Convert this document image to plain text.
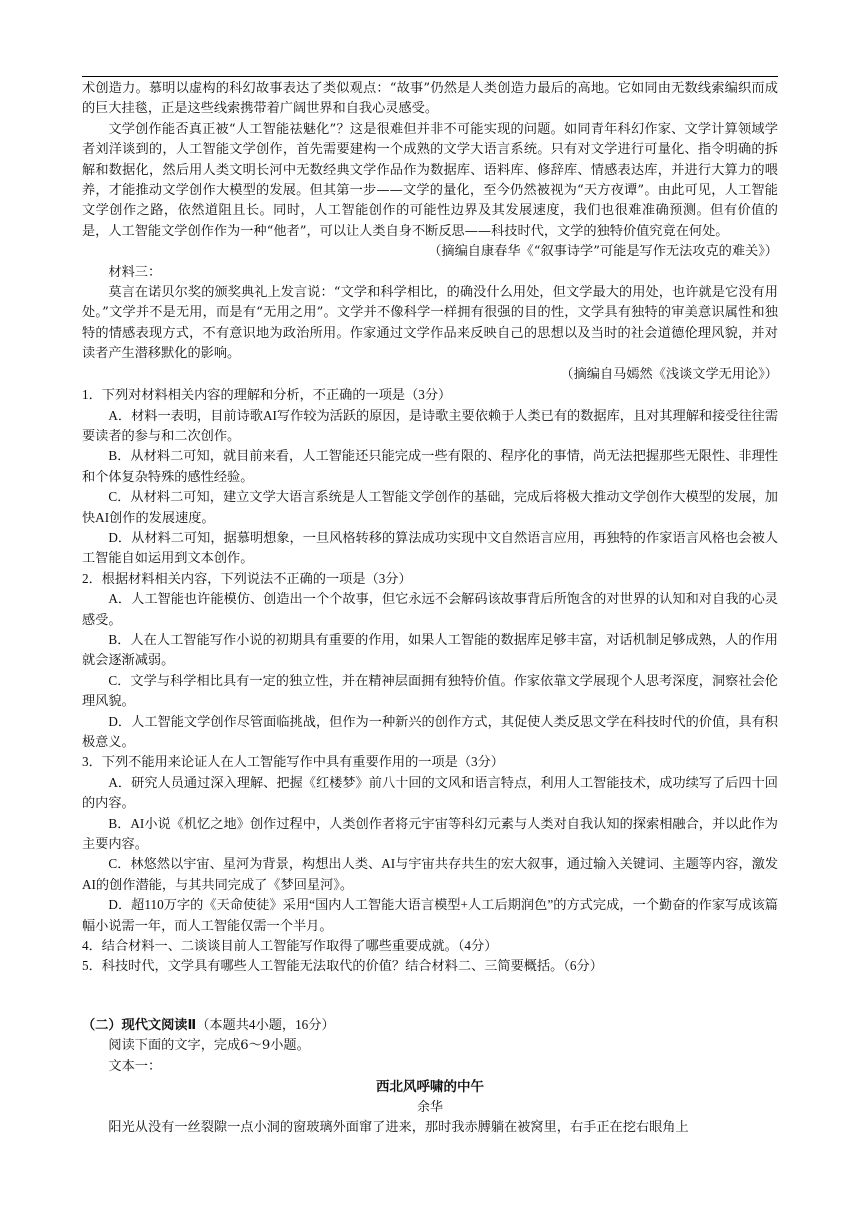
术创造力。慕明以虚构的科幻故事表达了类似观点：“故事”仍然是人类创造力最后的高地。它如同由无数线索编织而成的巨大挂毯，正是这些线索携带着广阔世界和自我心灵感受。

文学创作能否真正被“人工智能祛魅化”？这是很难但并非不可能实现的问题。如同青年科幻作家、文学计算领域学者刘洋谈到的，人工智能文学创作，首先需要建构一个成熟的文学大语言系统。只有对文学进行可量化、指令明确的拆解和数据化，然后用人类文明长河中无数经典文学作品作为数据库、语料库、修辞库、情感表达库，并进行大算力的喂养，才能推动文学创作大模型的发展。但其第一步——文学的量化，至今仍然被视为“天方夜谭”。由此可见，人工智能文学创作之路，依然道阻且长。同时，人工智能创作的可能性边界及其发展速度，我们也很难准确预测。但有价值的是，人工智能文学创作作为一种“他者”，可以让人类自身不断反思——科技时代，文学的独特价值究竟在何处。

（摘编自康春华《“叙事诗学”可能是写作无法攻克的难关》）

材料三：

莫言在诺贝尔奖的颁奖典礼上发言说：“文学和科学相比，的确没什么用处，但文学最大的用处，也许就是它没有用处。”文学并不是无用，而是有“无用之用”。文学并不像科学一样拥有很强的目的性，文学具有独特的审美意识属性和独特的情感表现方式，不有意识地为政治所用。作家通过文学作品来反映自己的思想以及当时的社会道德伦理风貌，并对读者产生潜移默化的影响。

（摘编自马嫣然《浅谈文学无用论》）

1．下列对材料相关内容的理解和分析，不正确的一项是（3分）

A．材料一表明，目前诗歌AI写作较为活跃的原因，是诗歌主要依赖于人类已有的数据库，且对其理解和接受往往需要读者的参与和二次创作。

B．从材料二可知，就目前来看，人工智能还只能完成一些有限的、程序化的事情，尚无法把握那些无限性、非理性和个体复杂特殊的感性经验。

C．从材料二可知，建立文学大语言系统是人工智能文学创作的基础，完成后将极大推动文学创作大模型的发展，加快AI创作的发展速度。

D．从材料二可知，据慕明想象，一旦风格转移的算法成功实现中文自然语言应用，再独特的作家语言风格也会被人工智能自如运用到文本创作。

2．根据材料相关内容，下列说法不正确的一项是（3分）

A．人工智能也许能模仿、创造出一个个故事，但它永远不会解码该故事背后所饱含的对世界的认知和对自我的心灵感受。

B．人在人工智能写作小说的初期具有重要的作用，如果人工智能的数据库足够丰富，对话机制足够成熟，人的作用就会逐渐减弱。

C．文学与科学相比具有一定的独立性，并在精神层面拥有独特价值。作家依靠文学展现个人思考深度，洞察社会伦理风貌。

D．人工智能文学创作尽管面临挑战，但作为一种新兴的创作方式，其促使人类反思文学在科技时代的价值，具有积极意义。

3．下列不能用来论证人在人工智能写作中具有重要作用的一项是（3分）

A．研究人员通过深入理解、把握《红楼梦》前八十回的文风和语言特点，利用人工智能技术，成功续写了后四十回的内容。

B．AI小说《机忆之地》创作过程中，人类创作者将元宇宙等科幻元素与人类对自我认知的探索相融合，并以此作为主要内容。

C．林悠然以宇宙、星河为背景，构想出人类、AI与宇宙共存共生的宏大叙事，通过输入关键词、主题等内容，激发AI的创作潜能，与其共同完成了《梦回星河》。

D．超110万字的《天命使徒》采用“国内人工智能大语言模型+人工后期润色”的方式完成，一个勤奋的作家写成该篇幅小说需一年，而人工智能仅需一个半月。

4．结合材料一、二谈谈目前人工智能写作取得了哪些重要成就。（4分）

5．科技时代，文学具有哪些人工智能无法取代的价值？结合材料二、三简要概括。（6分）

（二）现代文阅读Ⅱ（本题共4小题，16分）

阅读下面的文字，完成6～9小题。

文本一：

西北风呼啸的中午

余华

阳光从没有一丝裂隙一点小洞的窗玻璃外面窜了进来，那时我赤膊躺在被窝里，右手正在挖右眼角上
